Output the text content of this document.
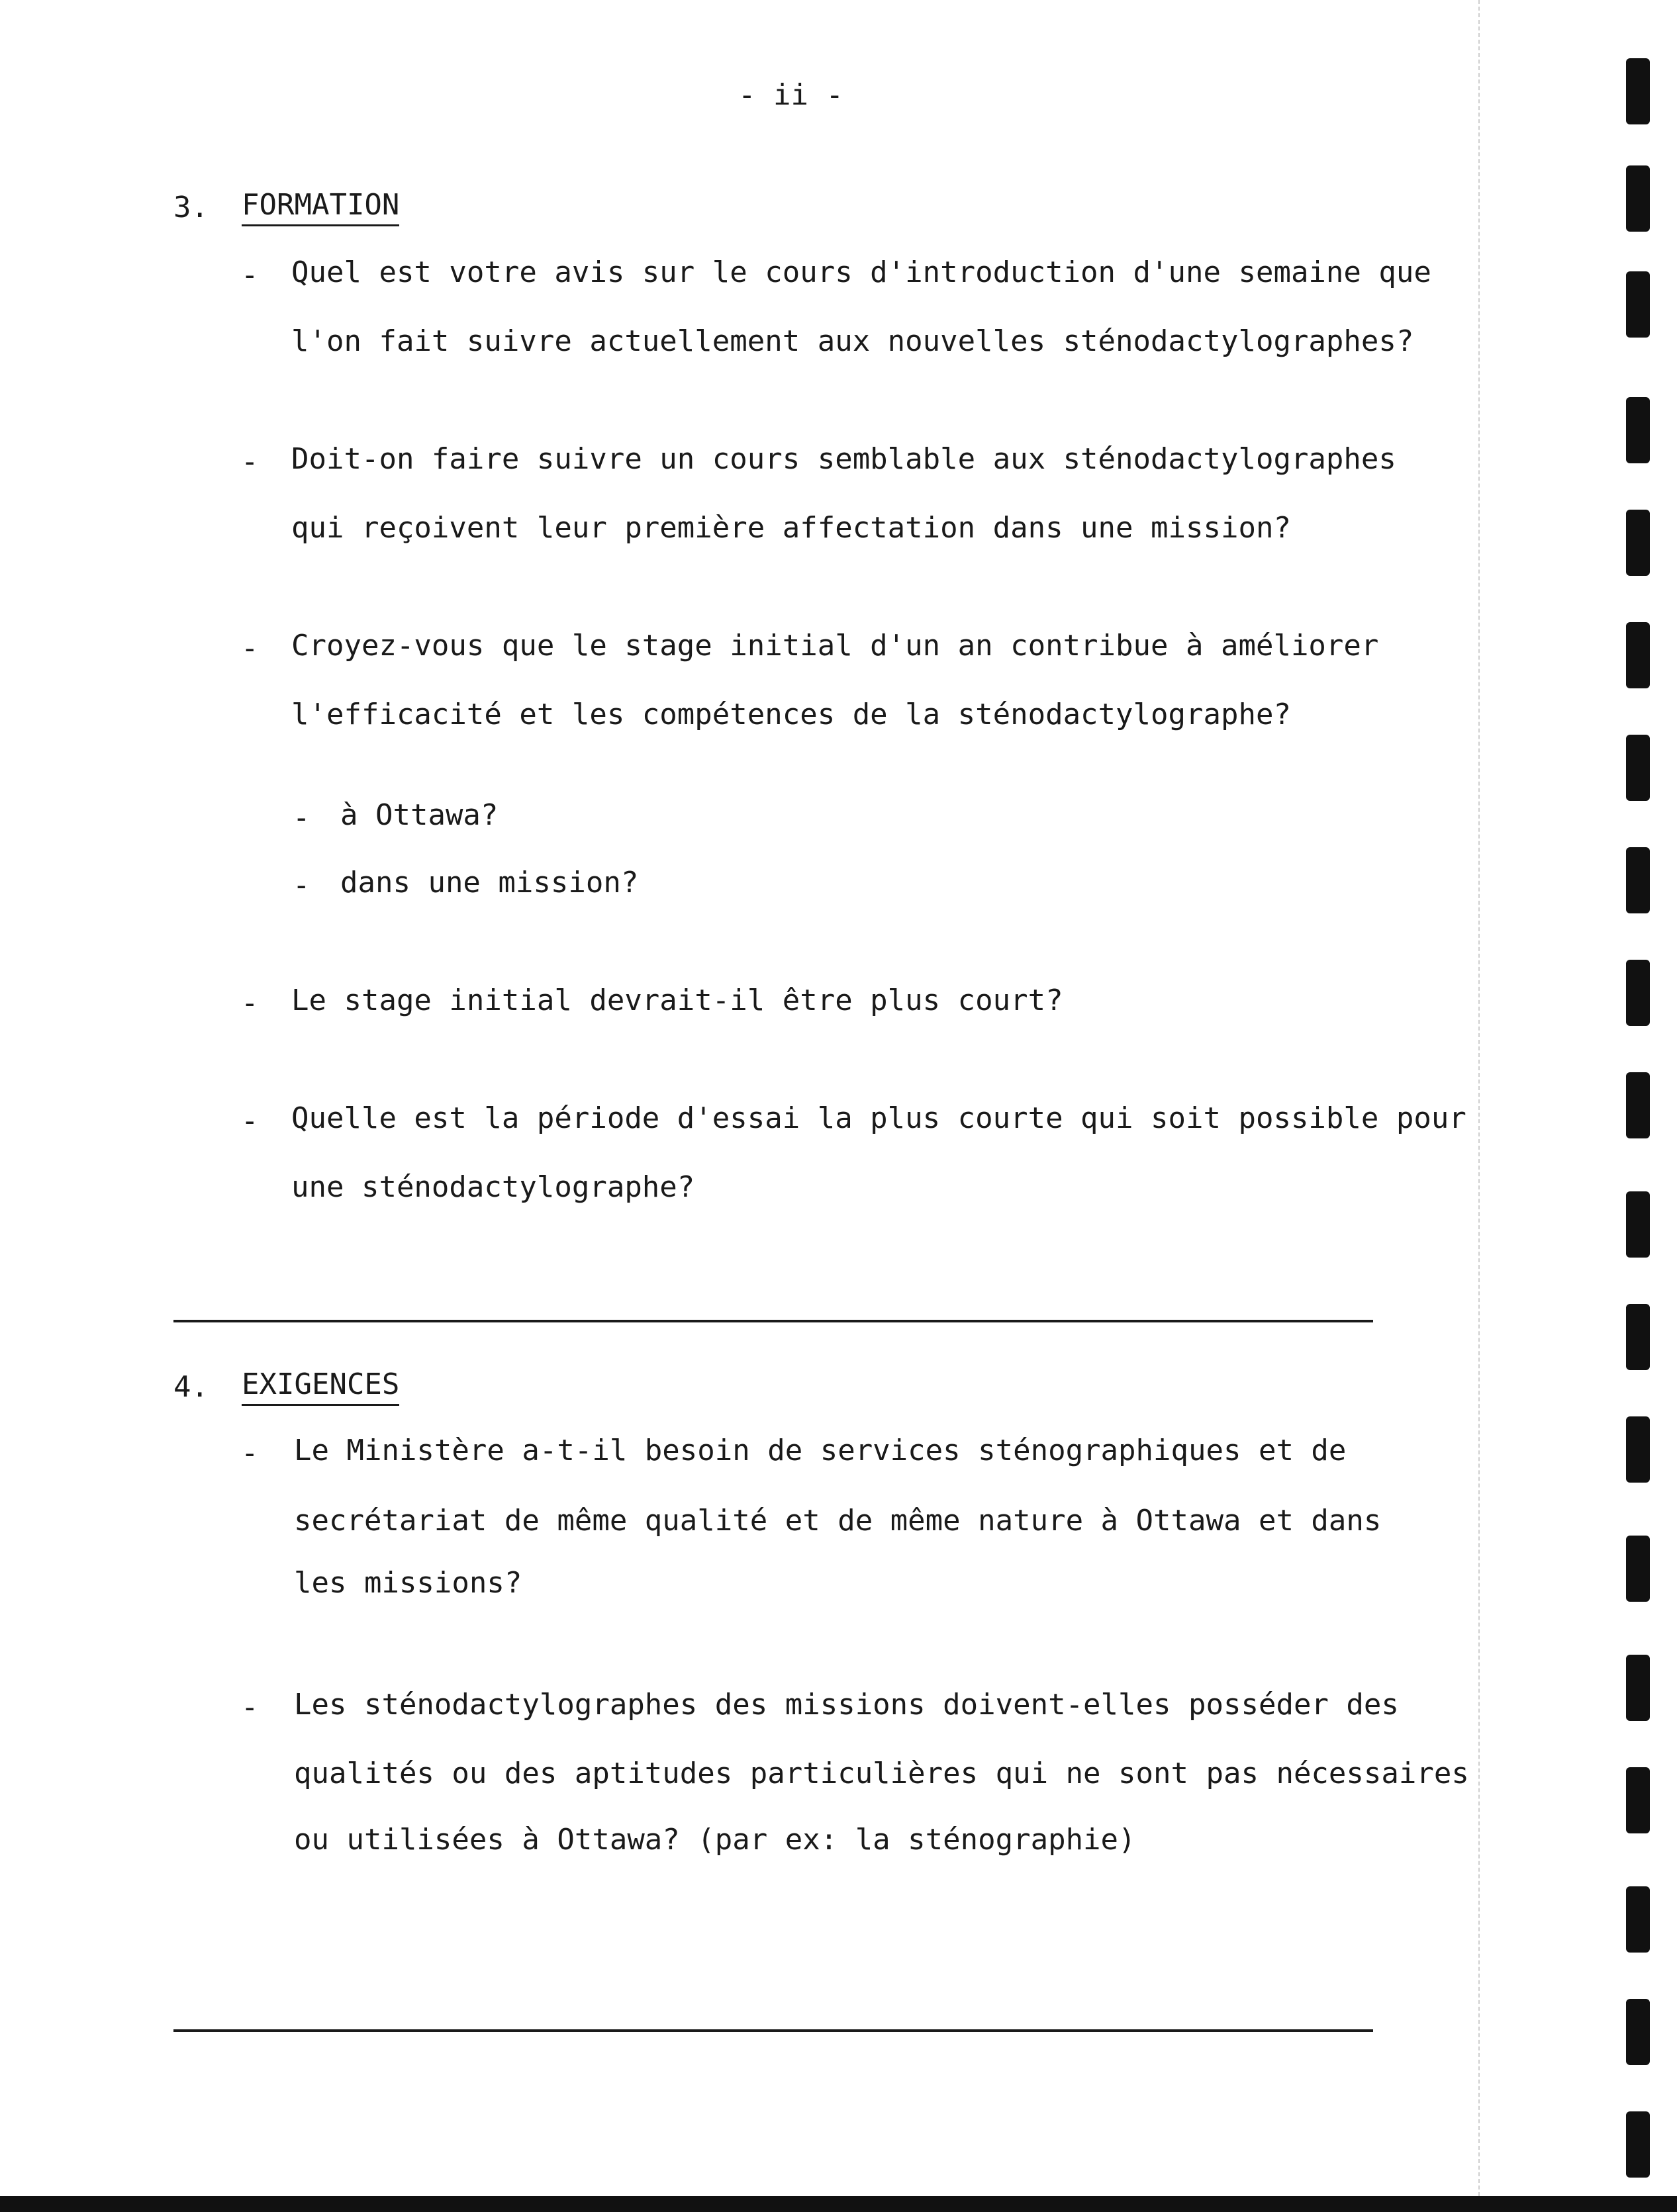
- ii -
3. FORMATION
- Quel est votre avis sur le cours d'introduction d'une semaine que
l'on fait suivre actuellement aux nouvelles sténodactylographes?
- Doit-on faire suivre un cours semblable aux sténodactylographes
qui reçoivent leur première affectation dans une mission?
- Croyez-vous que le stage initial d'un an contribue à améliorer
l'efficacité et les compétences de la sténodactylographe?
- à Ottawa?
- dans une mission?
- Le stage initial devrait-il être plus court?
- Quelle est la période d'essai la plus courte qui soit possible pour
une sténodactylographe?
4. EXIGENCES
- Le Ministère a-t-il besoin de services sténographiques et de
secrétariat de même qualité et de même nature à Ottawa et dans
les missions?
- Les sténodactylographes des missions doivent-elles posséder des
qualités ou des aptitudes particulières qui ne sont pas nécessaires
ou utilisées à Ottawa? (par ex: la sténographie)
